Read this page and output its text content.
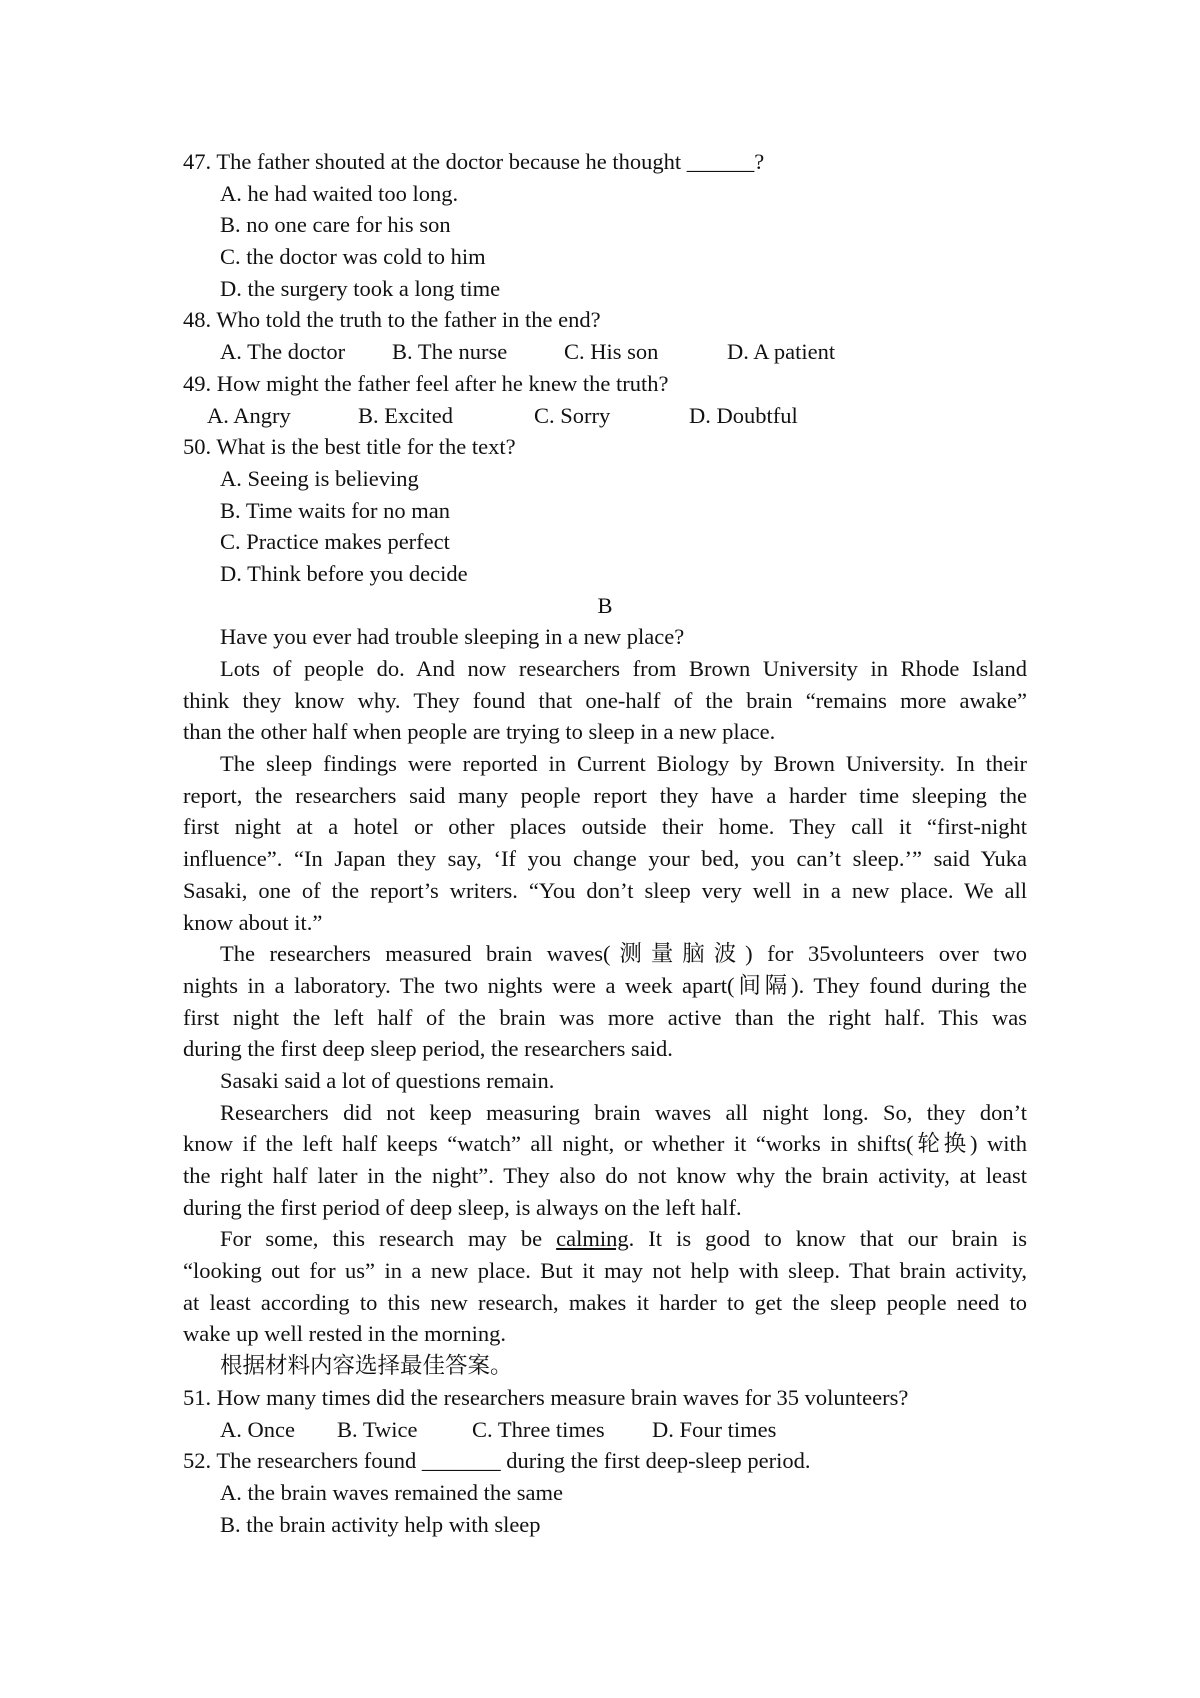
47. The father shouted at the doctor because he thought ______?
A. he had waited too long.
B. no one care for his son
C. the doctor was cold to him
D. the surgery took a long time
48. Who told the truth to the father in the end?
A. The doctor	B. The nurse	C. His son	D. A patient
49. How might the father feel after he knew the truth?
A. Angry	B. Excited	C. Sorry	D. Doubtful
50. What is the best title for the text?
A. Seeing is believing
B. Time waits for no man
C. Practice makes perfect
D. Think before you decide
B
Have you ever had trouble sleeping in a new place?
Lots of people do. And now researchers from Brown University in Rhode Island
think they know why. They found that one-half of the brain “remains more awake”
than the other half when people are trying to sleep in a new place.
The sleep findings were reported in Current Biology by Brown University. In their
report, the researchers said many people report they have a harder time sleeping the
first night at a hotel or other places outside their home. They call it “first-night
influence”. “In Japan they say, ‘If you change your bed, you can’t sleep.’” said Yuka
Sasaki, one of the report’s writers. “You don’t sleep very well in a new place. We all
know about it.”
The researchers measured brain waves(测量脑波) for 35volunteers over two
nights in a laboratory. The two nights were a week apart(间隔). They found during the
first night the left half of the brain was more active than the right half. This was
during the first deep sleep period, the researchers said.
Sasaki said a lot of questions remain.
Researchers did not keep measuring brain waves all night long. So, they don’t
know if the left half keeps “watch” all night, or whether it “works in shifts(轮换) with
the right half later in the night”. They also do not know why the brain activity, at least
during the first period of deep sleep, is always on the left half.
For some, this research may be calming. It is good to know that our brain is
“looking out for us” in a new place. But it may not help with sleep. That brain activity,
at least according to this new research, makes it harder to get the sleep people need to
wake up well rested in the morning.
根据材料内容选择最佳答案。
51. How many times did the researchers measure brain waves for 35 volunteers?
A. Once	B. Twice	C. Three times	D. Four times
52. The researchers found _______ during the first deep-sleep period.
A. the brain waves remained the same
B. the brain activity help with sleep
